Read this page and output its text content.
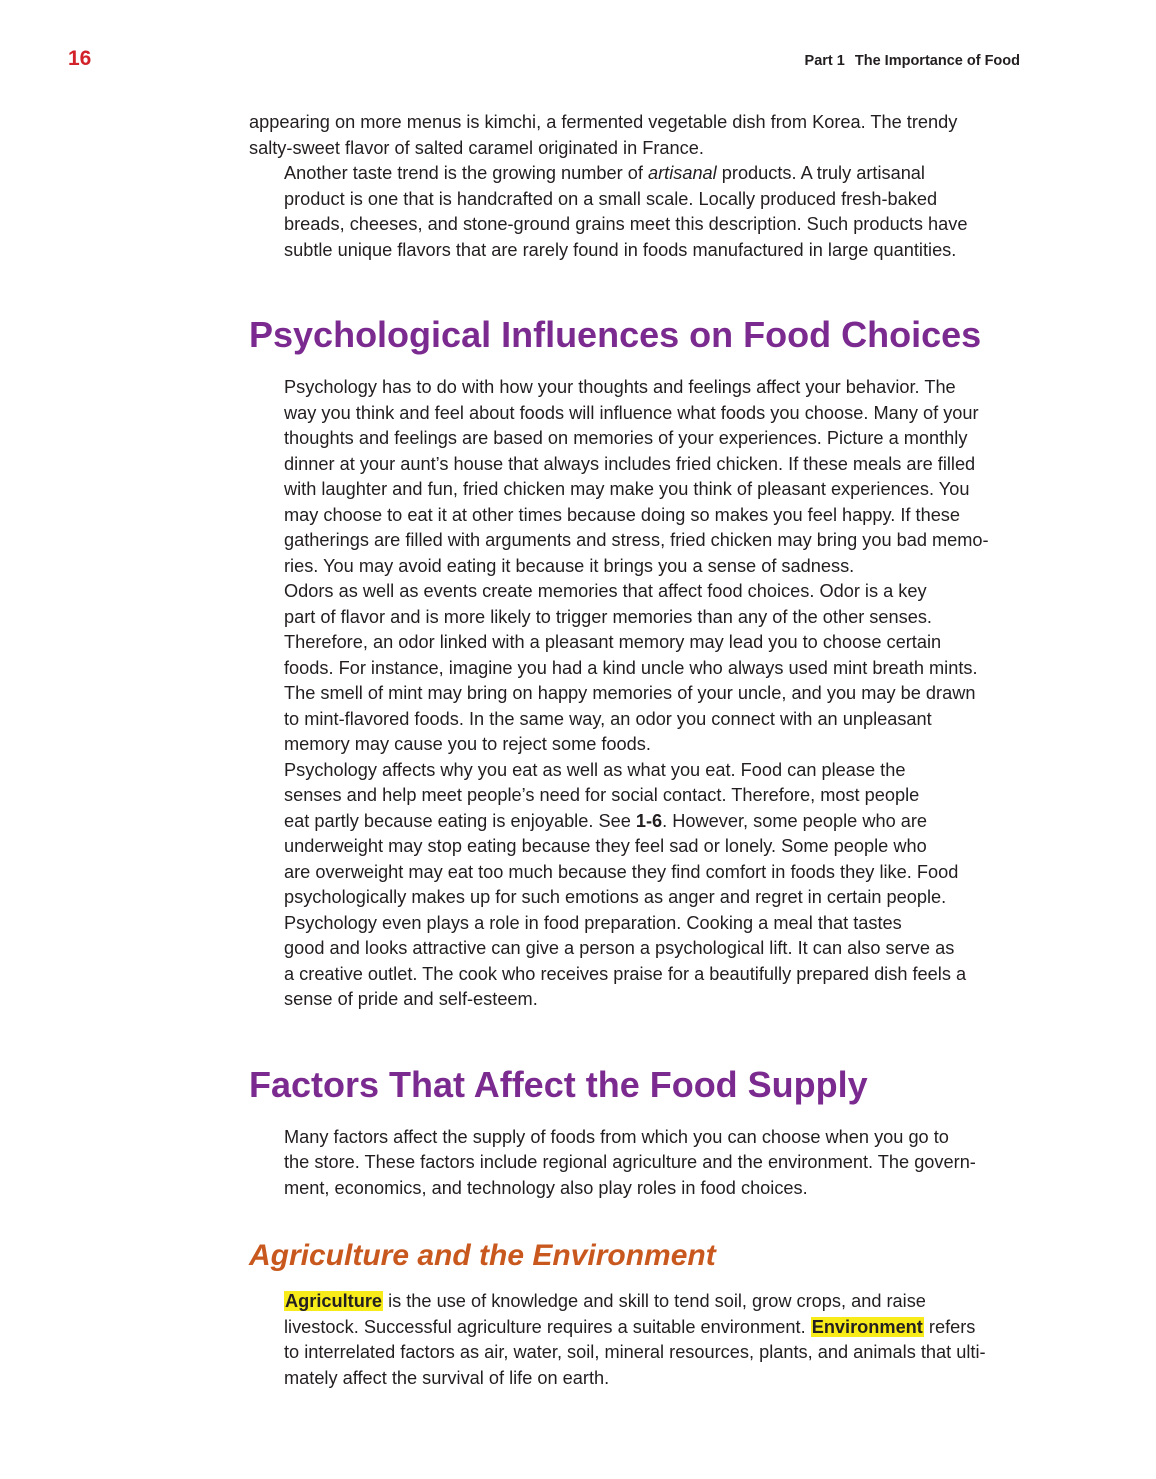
16	Part 1 The Importance of Food

appearing on more menus is kimchi, a fermented vegetable dish from Korea. The trendy
salty-sweet flavor of salted caramel originated in France.

Another taste trend is the growing number of artisanal products. A truly artisanal
product is one that is handcrafted on a small scale. Locally produced fresh-baked
breads, cheeses, and stone-ground grains meet this description. Such products have
subtle unique flavors that are rarely found in foods manufactured in large quantities.

Psychological Influences on Food Choices

Psychology has to do with how your thoughts and feelings affect your behavior. The
way you think and feel about foods will influence what foods you choose. Many of your
thoughts and feelings are based on memories of your experiences. Picture a monthly
dinner at your aunt’s house that always includes fried chicken. If these meals are filled
with laughter and fun, fried chicken may make you think of pleasant experiences. You
may choose to eat it at other times because doing so makes you feel happy. If these
gatherings are filled with arguments and stress, fried chicken may bring you bad memo-
ries. You may avoid eating it because it brings you a sense of sadness.

Odors as well as events create memories that affect food choices. Odor is a key
part of flavor and is more likely to trigger memories than any of the other senses.
Therefore, an odor linked with a pleasant memory may lead you to choose certain
foods. For instance, imagine you had a kind uncle who always used mint breath mints.
The smell of mint may bring on happy memories of your uncle, and you may be drawn
to mint-flavored foods. In the same way, an odor you connect with an unpleasant
memory may cause you to reject some foods.

Psychology affects why you eat as well as what you eat. Food can please the
senses and help meet people’s need for social contact. Therefore, most people
eat partly because eating is enjoyable. See 1-6. However, some people who are
underweight may stop eating because they feel sad or lonely. Some people who
are overweight may eat too much because they find comfort in foods they like. Food
psychologically makes up for such emotions as anger and regret in certain people.

Psychology even plays a role in food preparation. Cooking a meal that tastes
good and looks attractive can give a person a psychological lift. It can also serve as
a creative outlet. The cook who receives praise for a beautifully prepared dish feels a
sense of pride and self-esteem.

Factors That Affect the Food Supply

Many factors affect the supply of foods from which you can choose when you go to
the store. These factors include regional agriculture and the environment. The govern-
ment, economics, and technology also play roles in food choices.

Agriculture and the Environment

Agriculture is the use of knowledge and skill to tend soil, grow crops, and raise
livestock. Successful agriculture requires a suitable environment. Environment refers
to interrelated factors as air, water, soil, mineral resources, plants, and animals that ulti-
mately affect the survival of life on earth.
